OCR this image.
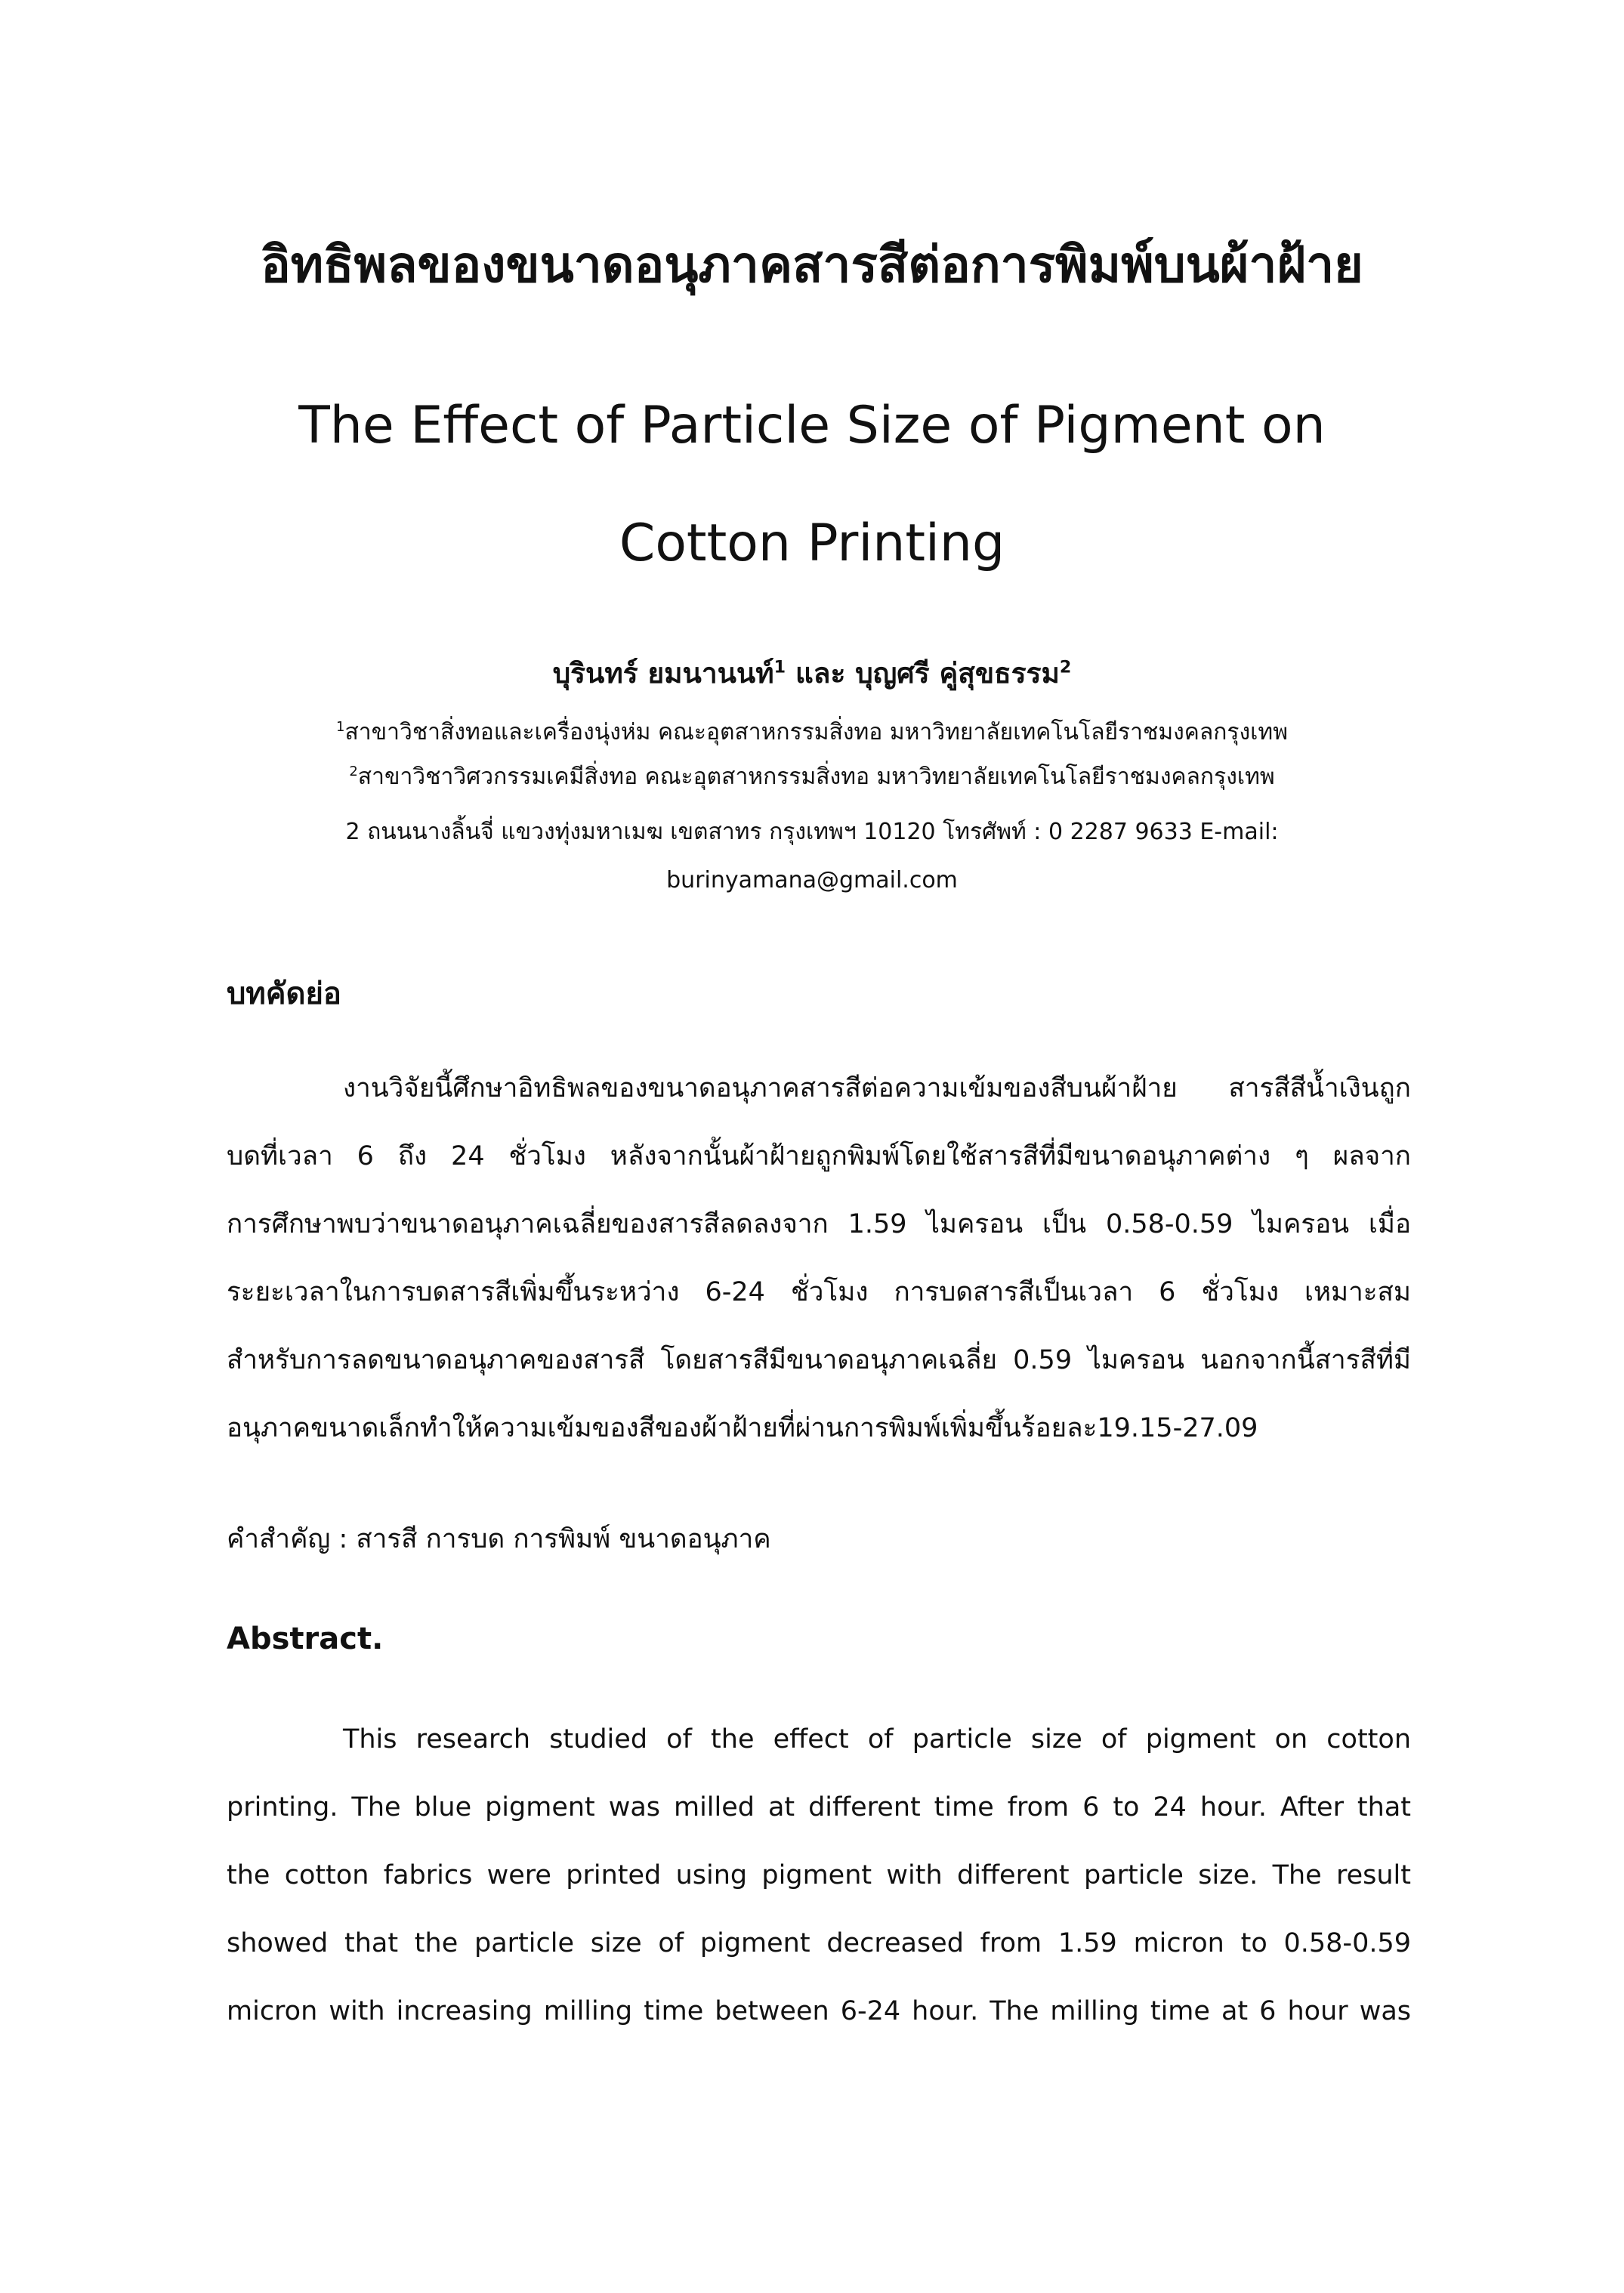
อิทธิพลของขนาดอนุภาคสารสีต่อการพิมพ์บนผ้าฝ้าย
The Effect of Particle Size of Pigment on
Cotton Printing
บุรินทร์ ยมนานนท์$^1$ และ บุญศรี คู่สุขธรรม$^2$
$^1$สาขาวิชาสิ่งทอและเครื่องนุ่งห่ม คณะอุตสาหกรรมสิ่งทอ มหาวิทยาลัยเทคโนโลยีราชมงคลกรุงเทพ
$^2$สาขาวิชาวิศวกรรมเคมีสิ่งทอ คณะอุตสาหกรรมสิ่งทอ มหาวิทยาลัยเทคโนโลยีราชมงคลกรุงเทพ
2 ถนนนางลิ้นจี่ แขวงทุ่งมหาเมฆ เขตสาทร กรุงเทพฯ 10120 โทรศัพท์ : 0 2287 9633 E-mail:
burinyamana@gmail.com
บทคัดย่อ
งานวิจัยนี้ศึกษาอิทธิพลของขนาดอนุภาคสารสีต่อความเข้มของสีบนผ้าฝ้าย สารสีสีน้ำเงินถูก
บดที่เวลา 6 ถึง 24 ชั่วโมง หลังจากนั้นผ้าฝ้ายถูกพิมพ์โดยใช้สารสีที่มีขนาดอนุภาคต่าง ๆ ผลจาก
การศึกษาพบว่าขนาดอนุภาคเฉลี่ยของสารสีลดลงจาก 1.59 ไมครอน เป็น 0.58-0.59 ไมครอน เมื่อ
ระยะเวลาในการบดสารสีเพิ่มขึ้นระหว่าง 6-24 ชั่วโมง การบดสารสีเป็นเวลา 6 ชั่วโมง เหมาะสม
สำหรับการลดขนาดอนุภาคของสารสี โดยสารสีมีขนาดอนุภาคเฉลี่ย 0.59 ไมครอน นอกจากนี้สารสีที่มี
อนุภาคขนาดเล็กทำให้ความเข้มของสีของผ้าฝ้ายที่ผ่านการพิมพ์เพิ่มขึ้นร้อยละ19.15-27.09
คำสำคัญ : สารสี การบด การพิมพ์ ขนาดอนุภาค
Abstract.
This research studied of the effect of particle size of pigment on cotton
printing. The blue pigment was milled at different time from 6 to 24 hour. After that
the cotton fabrics were printed using pigment with different particle size. The result
showed that the particle size of pigment decreased from 1.59 micron to 0.58-0.59
micron with increasing milling time between 6-24 hour. The milling time at 6 hour was
